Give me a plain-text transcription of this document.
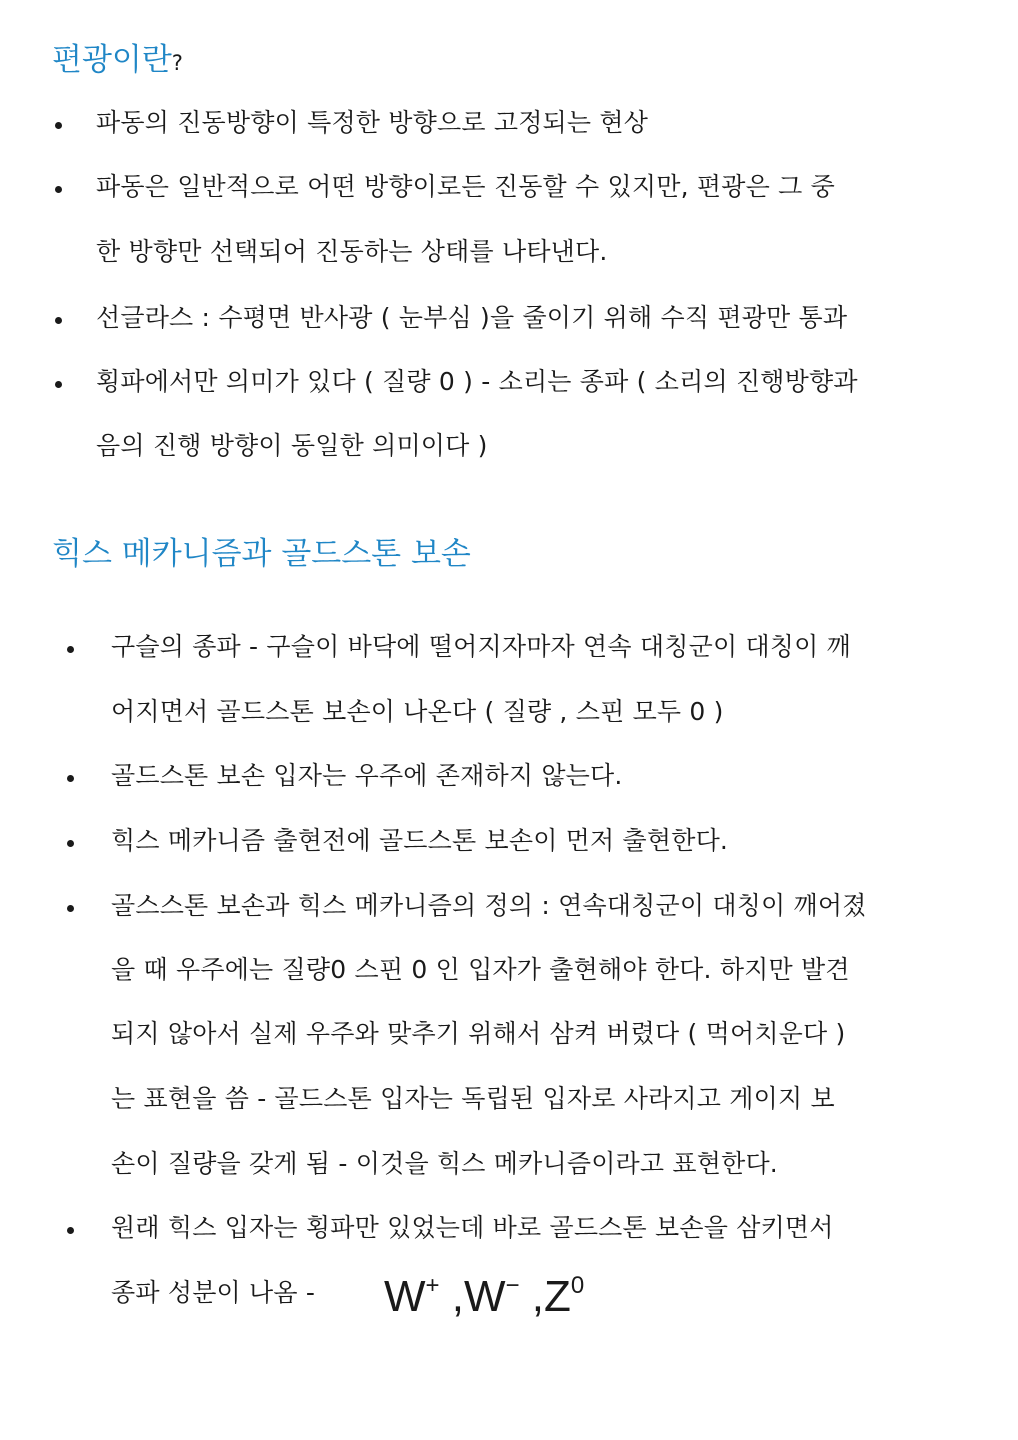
편광이란?
파동의 진동방향이 특정한 방향으로 고정되는 현상
파동은 일반적으로 어떤 방향이로든 진동할 수 있지만, 편광은 그 중
한 방향만 선택되어 진동하는 상태를 나타낸다.
선글라스 : 수평면 반사광 ( 눈부심 )을 줄이기 위해 수직 편광만 통과
횡파에서만 의미가 있다 ( 질량 0 ) - 소리는 종파 ( 소리의 진행방향과
음의 진행 방향이 동일한 의미이다 )
힉스 메카니즘과 골드스톤 보손
구슬의 종파 - 구슬이 바닥에 떨어지자마자 연속 대칭군이 대칭이 깨
어지면서 골드스톤 보손이 나온다 ( 질량 , 스핀 모두 0 )
골드스톤 보손 입자는 우주에 존재하지 않는다.
힉스 메카니즘 출현전에 골드스톤 보손이 먼저 출현한다.
골스스톤 보손과 힉스 메카니즘의 정의 : 연속대칭군이 대칭이 깨어졌
을 때 우주에는 질량0 스핀 0 인 입자가 출현해야 한다. 하지만 발견
되지 않아서 실제 우주와 맞추기 위해서 삼켜 버렸다 ( 먹어치운다 )
는 표현을 씀 - 골드스톤 입자는 독립된 입자로 사라지고 게이지 보
손이 질량을 갖게 됨 - 이것을 힉스 메카니즘이라고 표현한다.
원래 힉스 입자는 횡파만 있었는데 바로 골드스톤 보손을 삼키면서
종파 성분이 나옴 - W+ ,W− $,Z^0$
